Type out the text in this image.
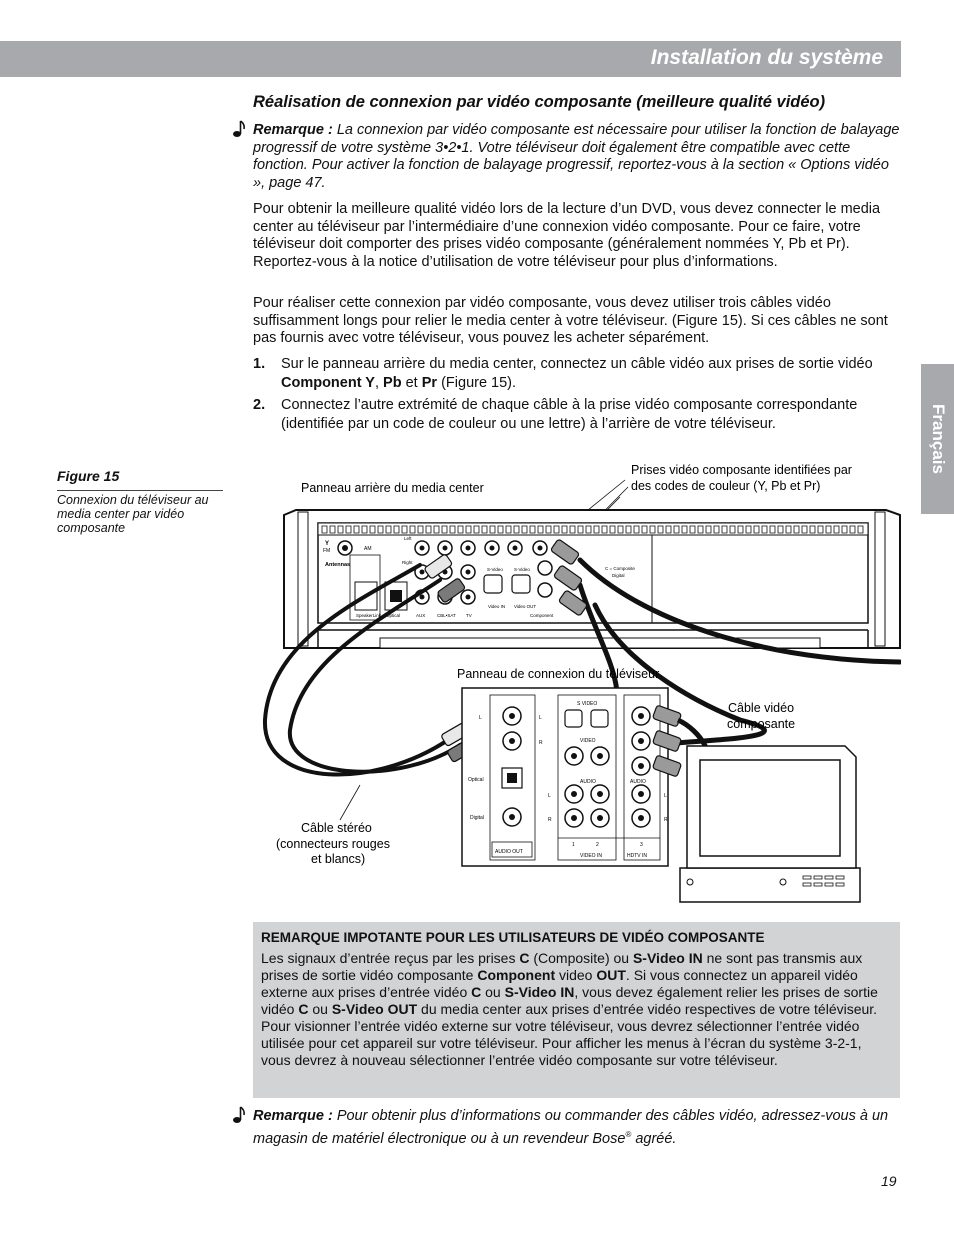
Installation du système
Français
Réalisation de connexion par vidéo composante (meilleure qualité vidéo)

Remarque : La connexion par vidéo composante est nécessaire pour utiliser la fonction de balayage progressif de votre système 3•2•1. Votre téléviseur doit également être compatible avec cette fonction. Pour activer la fonction de balayage progressif, reportez-vous à la section « Options vidéo », page 47.

Pour obtenir la meilleure qualité vidéo lors de la lecture d’un DVD, vous devez connecter le media center au téléviseur par l’intermédiaire d’une connexion vidéo composante. Pour ce faire, votre téléviseur doit comporter des prises vidéo composante (généralement nommées Y, Pb et Pr). Reportez-vous à la notice d’utilisation de votre téléviseur pour plus d’informations.

Pour réaliser cette connexion par vidéo composante, vous devez utiliser trois câbles vidéo suffisamment longs pour relier le media center à votre téléviseur. (Figure 15). Si ces câbles ne sont pas fournis avec votre téléviseur, vous pouvez les acheter séparément.

1. Sur le panneau arrière du media center, connectez un câble vidéo aux prises de sortie vidéo Component Y, Pb et Pr (Figure 15).
2. Connectez l’autre extrémité de chaque câble à la prise vidéo composante correspondante (identifiée par un code de couleur ou une lettre) à l’arrière de votre téléviseur.

Figure 15

Connexion du téléviseur au media center par vidéo composante

Panneau arrière du media center
Prises vidéo composante identifiées par
des codes de couleur (Y, Pb et Pr)
Y
FM	AM
Antennas
SpeakerLink Optical
Left
Right
AUX	CBL•SAT TV
S-Video S-Video
Video IN Video OUT
Component
C = Composite
Digital
Panneau de connexion du téléviseur
L	L
R
Optical
Digital
S VIDEO
VIDEO
AUDIO	AUDIO
L
R
L
R
1	2	3
VIDEO IN	HDTV IN
AUDIO OUT
Câble vidéo
composante
Câble stéréo
(connecteurs rouges
et blancs)

REMARQUE IMPOTANTE POUR LES UTILISATEURS DE VIDÉO COMPOSANTE

Les signaux d’entrée reçus par les prises C (Composite) ou S-Video IN ne sont pas transmis aux prises de sortie vidéo composante Component video OUT. Si vous connectez un appareil vidéo externe aux prises d’entrée vidéo C ou S-Video IN, vous devez également relier les prises de sortie vidéo C ou S-Video OUT du media center aux prises d’entrée vidéo respectives de votre téléviseur. Pour visionner l’entrée vidéo externe sur votre téléviseur, vous devrez sélectionner l’entrée vidéo utilisée pour cet appareil sur votre téléviseur. Pour afficher les menus à l’écran du système 3-2-1, vous devrez à nouveau sélectionner l’entrée vidéo composante sur votre téléviseur.

Remarque : Pour obtenir plus d’informations ou commander des câbles vidéo, adressez-vous à un magasin de matériel électronique ou à un revendeur Bose® agréé.

19
